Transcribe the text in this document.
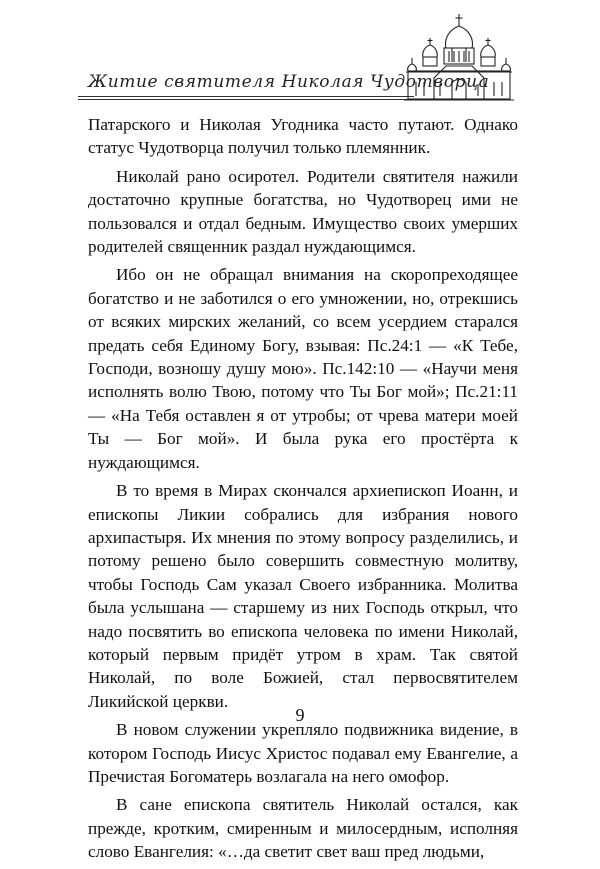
Житие святителя Николая Чудотворца

Патарского и Николая Угодника часто путают. Однако статус Чудотворца получил только племянник.

Николай рано осиротел. Родители святителя нажили достаточно крупные богатства, но Чудотворец ими не пользовался и отдал бедным. Имущество своих умерших родителей священник раздал нуждающимся.

Ибо он не обращал внимания на скоропреходящее богатство и не заботился о его умножении, но, отрекшись от всяких мирских желаний, со всем усердием старался предать себя Единому Богу, взывая: Пс.24:1 — «К Тебе, Господи, возношу душу мою». Пс.142:10 — «Научи меня исполнять волю Твою, потому что Ты Бог мой»; Пс.21:11 — «На Тебя оставлен я от утробы; от чрева матери моей Ты — Бог мой». И была рука его простёрта к нуждающимся.

В то время в Мирах скончался архиепископ Иоанн, и епископы Ликии собрались для избрания нового архипастыря. Их мнения по этому вопросу разделились, и потому решено было совершить совместную молитву, чтобы Господь Сам указал Своего избранника. Молитва была услышана — старшему из них Господь открыл, что надо посвятить во епископа человека по имени Николай, который первым придёт утром в храм. Так святой Николай, по воле Божией, стал первосвятителем Ликийской церкви.

В новом служении укрепляло подвижника видение, в котором Господь Иисус Христос подавал ему Евангелие, а Пречистая Богоматерь возлагала на него омофор.

В сане епископа святитель Николай остался, как прежде, кротким, смиренным и милосердным, исполняя слово Евангелия: «…да светит свет ваш пред людьми,

9
